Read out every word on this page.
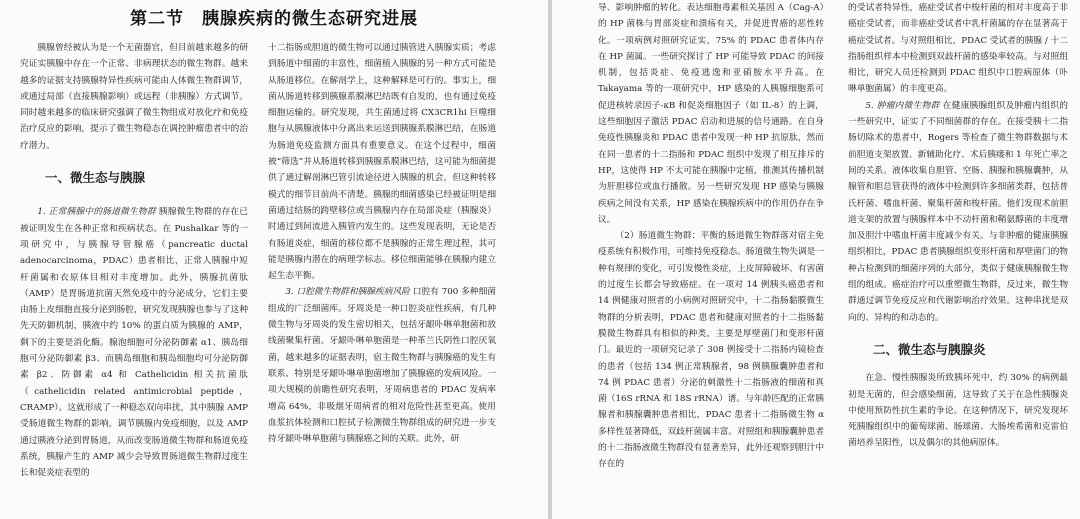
第二节　胰腺疾病的微生态研究进展

胰腺曾经被认为是一个无菌器官，但目前越来越多的研究证实胰腺中存在一个正常、非病理状态的微生物群。越来越多的证据支持胰腺特异性疾病可能由人体微生物群调节，或通过局部（直接胰腺影响）或远程（非胰腺）方式调节。同时越来越多的临床研究强调了微生物组成对放化疗和免疫治疗反应的影响，提示了微生物稳态在调控肿瘤患者中的治疗潜力。

一、微生态与胰腺

1. 正常胰腺中的肠道微生物群 胰腺微生物群的存在已被证明发生在各种正常和疾病状态。在 Pushalkar 等的一项研究中，与胰腺导管腺癌（pancreatic ductal adenocarcinoma，PDAC）患者相比，正常人胰腺中短杆菌属和衣原体目相对丰度增加。此外，胰腺抗菌肽（AMP）是胃肠道抗菌天然免疫中的分泌成分，它们主要由肠上皮细胞直接分泌到肠腔，研究发现胰腺也参与了这种先天防御机制，胰液中约 10% 的蛋白质为胰腺的 AMP，剩下的主要是消化酶。腺泡细胞可分泌防御素 α1、胰岛细胞可分泌防御素 β3、而胰岛细胞和胰岛细胞均可分泌防御素 β2、防御素 α4 和 Cathelicidin 相关抗菌肽（cathelicidin related antimicrobial peptide，CRAMP）。这就形成了一种稳态双向串扰，其中胰腺 AMP 受肠道微生物群的影响，调节胰腺内免疫细胞，以及 AMP 通过胰液分泌到胃肠道，从而改变肠道微生物群和肠道免疫系统，胰腺产生的 AMP 减少会导致胃肠道微生物群过度生长和促炎症表型的

十二指肠或胆道的微生物可以通过胰管进入胰腺实质；考虑到肠道中细菌的丰富性，细菌植入胰腺的另一种方式可能是从肠道移位。在解剖学上，这种解释是可行的。事实上，细菌从肠道转移到胰腺系膜淋巴结既有自发的，也有通过免疫细胞运输的。研究发现，共生菌通过将 CX3CR1hi 巨噬细胞与从胰腺液体中分离出来运送到胰腺系膜淋巴结，在肠道为肠道免疫监测方面具有重要意义。在这个过程中，细菌被“筛选”并从肠道转移到胰腺系膜淋巴结，这可能为细菌提供了通过解剖淋巴管引流途径进入胰腺的机会，但这种转移模式的细节目前尚不清楚。胰腺的细菌感染已经被证明是细菌通过结肠的跨壁移位或当胰腺内存在局部炎症（胰腺炎）时通过到间流进入胰管内发生的。这些发现表明，无论是否有肠道炎症，细菌的移位都不是胰腺的正常生理过程，其可能是胰腺内潜在的病理学标志。移位细菌能够在胰腺内建立起生态平衡。

3. 口腔微生物群和胰腺疾病风险 口腔有 700 多种细菌组成的广泛细菌库。牙周炎是一种口腔炎症性疾病，有几种微生物与牙周炎的发生密切相关，包括牙龈卟啉单胞菌和放线菌聚集杆菌。牙龈卟啉单胞菌是一种革兰氏阴性口腔厌氧菌，越来越多的证据表明，宿主微生物群与胰腺癌的发生有联系，特别是牙龈卟啉单胞菌增加了胰腺癌的发病风险。一项大规模的前瞻性研究表明，牙周病患者的 PDAC 发病率增高 64%，非吸烟牙周病者的相对危险性甚至更高。使用血浆抗体检测和口腔拭子检测微生物群组成的研究进一步支持牙龈卟啉单胞菌与胰腺癌之间的关联。此外，研

导、影响肿瘤的转化。表达细胞毒素相关基因 A（Cag-A）的 HP 菌株与胃部炎症和溃疡有关，并促进胃癌的恶性转化。一项病例对照研究证实，75% 的 PDAC 患者体内存在 HP 菌属。一些研究探讨了 HP 可能导致 PDAC 的间接机制，包括炎症、免疫逃逸和亚硝胺水平升高。在 Takayama 等的一项研究中，HP 感染的人胰腺细胞系可促进核转录因子-κB 和促炎细胞因子（如 IL-8）的上调，这些细胞因子激活 PDAC 启动和进展的信号通路。在自身免疫性胰腺炎和 PDAC 患者中发现一种 HP 抗原肽，然而在同一患者的十二指肠和 PDAC 组织中发现了相互排斥的 HP，这使得 HP 不太可能在胰腺中定植，推测其传播机制为肝胆移位或血行播散。另一些研究发现 HP 感染与胰腺疾病之间没有关系，HP 感染在胰腺疾病中的作用仍存在争议。

（2）肠道微生物群：平衡的肠道微生物群落对宿主免疫系统有积极作用，可维持免疫稳态。肠道微生物失调是一种有规律的变化，可引发慢性炎症，上皮屏障破坏、有害菌的过度生长都会导致癌症。在一项对 14 例胰头癌患者和 14 例健康对照者的小病例对照研究中，十二指肠黏膜微生物群的分析表明，PDAC 患者和健康对照者的十二指肠黏膜微生物群具有相似的种类，主要是厚壁菌门和变形杆菌门。最近的一项研究记录了 308 例接受十二指肠内镜检查的患者（包括 134 例正常胰腺者，98 例胰腺囊肿患者和 74 例 PDAC 患者）分泌的刺激性十二指肠液的细菌和真菌（16S rRNA 和 18S rRNA）谱。与年龄匹配的正常胰腺者和胰腺囊肿患者相比，PDAC 患者十二指肠微生物 α 多样性显著降低，双歧杆菌属丰富。对照组和胰腺囊肿患者的十二指肠液微生物群没有显著差异，此外还观察到胆汁中存在的

的受试者特异性，癌症受试者中梭杆菌的相对丰度高于非癌症受试者，而非癌症受试者中乳杆菌属的存在显著高于癌症受试者。与对照组相比，PDAC 受试者的胰腺 / 十二指肠组织样本中检测到双歧杆菌的感染率较高。与对照组相比，研究人员还检测到 PDAC 组织中口腔病原体（卟啉单胞菌属）的丰度更高。

5. 肿瘤内微生物群 在健康胰腺组织及肿瘤内组织的一些研究中，证实了不同细菌群的存在。在接受胰十二指肠切除术的患者中，Rogers 等检查了微生物群数据与术前胆道支架放置、新辅助化疗、术后胰瘘和 1 年死亡率之间的关系。液体收集自胆管、空肠、胰腺和胰腺囊肿，从腺管和胆总管获得的液体中检测到许多细菌类群，包括普氏杆菌、嗜血杆菌、聚集杆菌和梭杆菌。他们发现术前胆道支架的放置与胰腺样本中不动杆菌和鞘氨醇菌的丰度增加及胆汁中嗜血杆菌丰度减少有关。与非肿瘤的健康胰腺组织相比，PDAC 患者胰腺组织变形杆菌和厚壁菌门的物种占检测到的细菌序列的大部分，类似于健康胰腺微生物组的组成。癌症治疗可以重塑微生物群，反过来，微生物群通过调节免疫反应和代谢影响治疗效果。这种串扰是双向的、异构的和动态的。

二、微生态与胰腺炎

在急、慢性胰腺炎所致胰坏死中，约 30% 的病例最初是无菌的，但会感染细菌，这导致了关于在急性胰腺炎中使用预防性抗生素的争论。在这种情况下，研究发现坏死胰腺组织中的葡萄球菌、肠球菌、大肠埃希菌和克雷伯菌培养呈阳性，以及偶尔的其他病原体。
